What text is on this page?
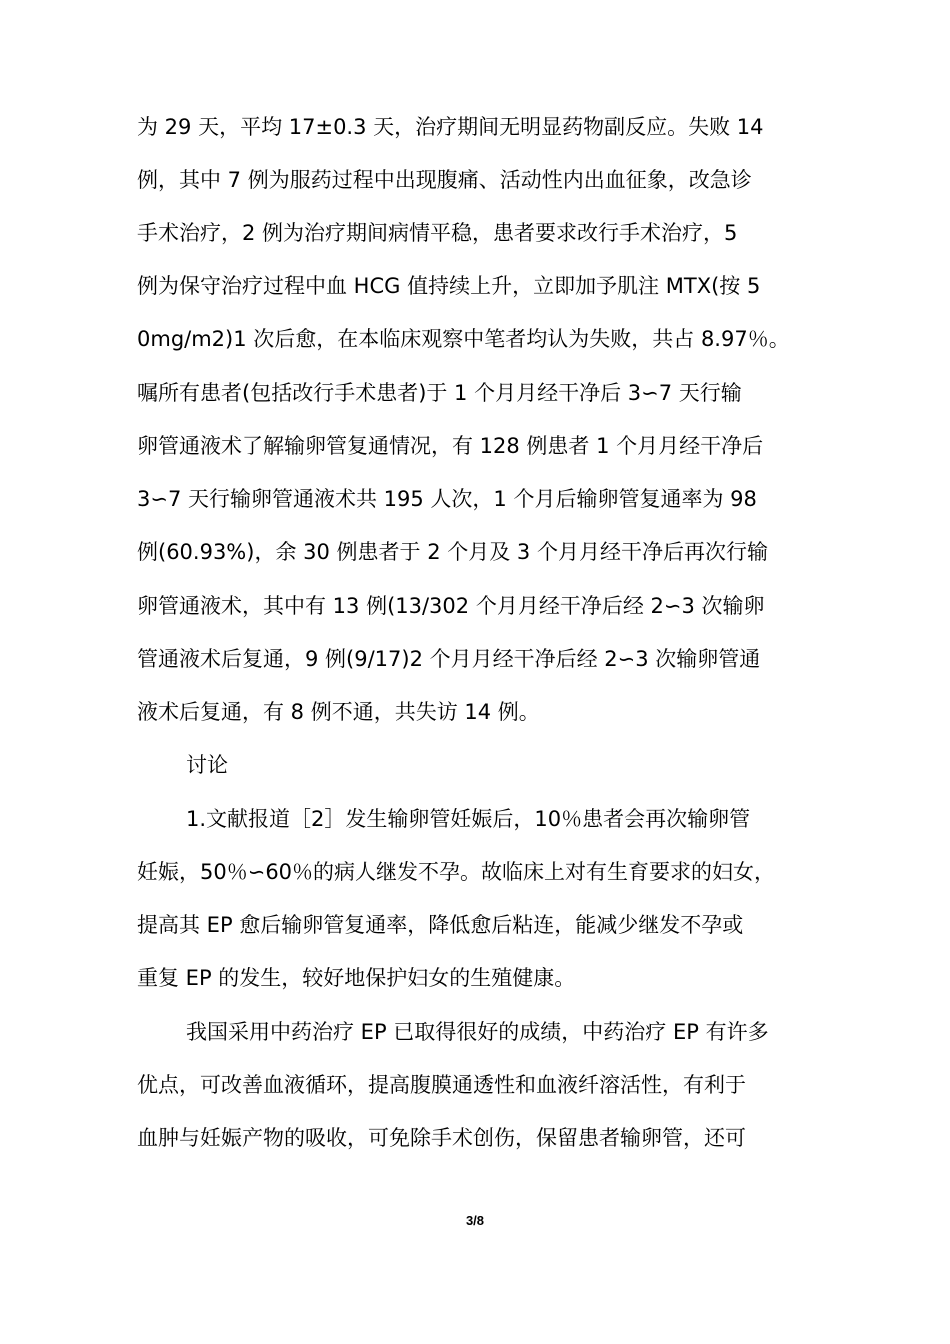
为 29 天，平均 17±0.3 天，治疗期间无明显药物副反应。失败 14
例，其中 7 例为服药过程中出现腹痛、活动性内出血征象，改急诊
手术治疗，2 例为治疗期间病情平稳，患者要求改行手术治疗，5
例为保守治疗过程中血 HCG 值持续上升，立即加予肌注 MTX(按 5
0mg/m2)1 次后愈，在本临床观察中笔者均认为失败，共占 8.97％。
嘱所有患者(包括改行手术患者)于 1 个月月经干净后 3∽7 天行输
卵管通液术了解输卵管复通情况，有 128 例患者 1 个月月经干净后
3∽7 天行输卵管通液术共 195 人次，1 个月后输卵管复通率为 98
例(60.93%)，余 30 例患者于 2 个月及 3 个月月经干净后再次行输
卵管通液术，其中有 13 例(13/302 个月月经干净后经 2∽3 次输卵
管通液术后复通，9 例(9/17)2 个月月经干净后经 2∽3 次输卵管通
液术后复通，有 8 例不通，共失访 14 例。
讨论
1.文献报道［2］发生输卵管妊娠后，10％患者会再次输卵管
妊娠，50％∽60％的病人继发不孕。故临床上对有生育要求的妇女，
提高其 EP 愈后输卵管复通率，降低愈后粘连，能减少继发不孕或
重复 EP 的发生，较好地保护妇女的生殖健康。
我国采用中药治疗 EP 已取得很好的成绩，中药治疗 EP 有许多
优点，可改善血液循环，提高腹膜通透性和血液纤溶活性，有利于
血肿与妊娠产物的吸收，可免除手术创伤，保留患者输卵管，还可
3/8
